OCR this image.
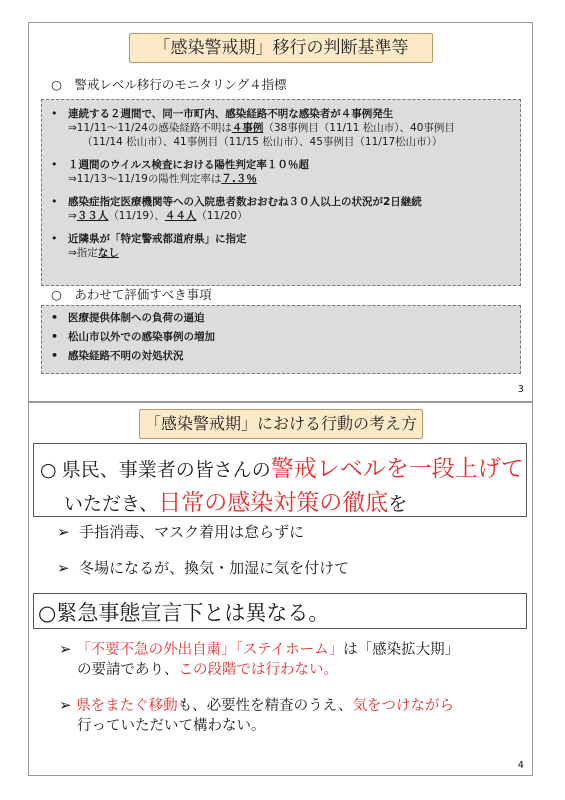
「感染警戒期」移行の判断基準等
○　警戒レベル移行のモニタリング４指標
• 連続する２週間で、同一市町内、感染経路不明な感染者が４事例発生
⇒11/11～11/24の感染経路不明は４事例（38事例目（11/11 松山市）、40事例目
（11/14 松山市）、41事例目（11/15 松山市）、45事例目（11/17松山市））
• １週間のウイルス検査における陽性判定率１０％超
⇒11/13～11/19の陽性判定率は７.３％
• 感染症指定医療機関等への入院患者数おおむね３０人以上の状況が2日継続
⇒３３人（11/19）、４４人（11/20）
• 近隣県が「特定警戒都道府県」に指定
⇒指定なし
○　あわせて評価すべき事項
• 医療提供体制への負荷の逼迫
• 松山市以外での感染事例の増加
• 感染経路不明の対処状況
3
「感染警戒期」における行動の考え方
○ 県民、事業者の皆さんの警戒レベルを一段上げて
いただき、日常の感染対策の徹底を
➢ 手指消毒、マスク着用は怠らずに
➢ 冬場になるが、換気・加湿に気を付けて
○緊急事態宣言下とは異なる。
➢ 「不要不急の外出自粛」「ステイホーム」は「感染拡大期」
の要請であり、この段階では行わない。
➢ 県をまたぐ移動も、必要性を精査のうえ、気をつけながら
行っていただいて構わない。
4
